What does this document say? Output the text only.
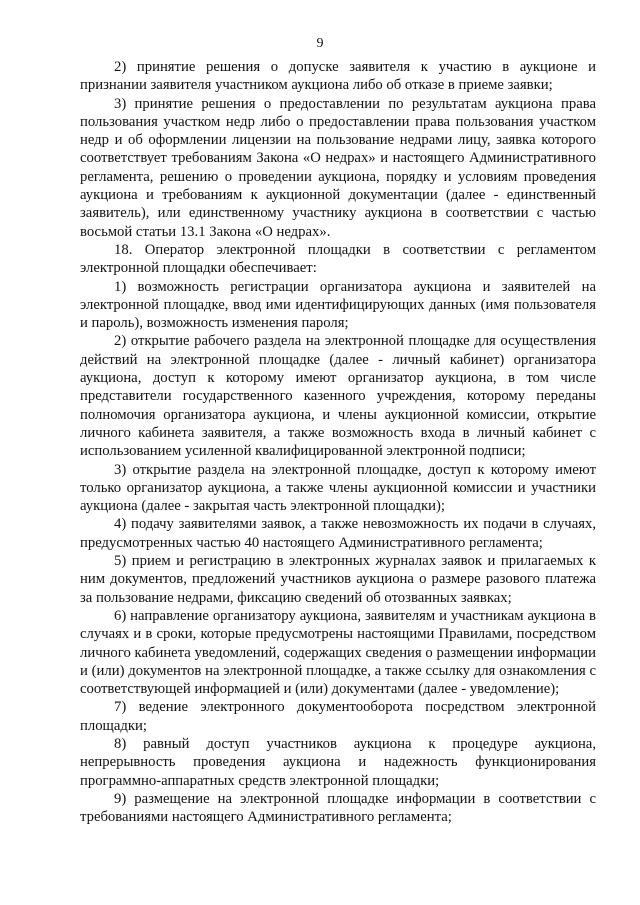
9

2) принятие решения о допуске заявителя к участию в аукционе и признании заявителя участником аукциона либо об отказе в приеме заявки;

3) принятие решения о предоставлении по результатам аукциона права пользования участком недр либо о предоставлении права пользования участком недр и об оформлении лицензии на пользование недрами лицу, заявка которого соответствует требованиям Закона «О недрах» и настоящего Административного регламента, решению о проведении аукциона, порядку и условиям проведения аукциона и требованиям к аукционной документации (далее - единственный заявитель), или единственному участнику аукциона в соответствии с частью восьмой статьи 13.1 Закона «О недрах».

18. Оператор электронной площадки в соответствии с регламентом электронной площадки обеспечивает:

1) возможность регистрации организатора аукциона и заявителей на электронной площадке, ввод ими идентифицирующих данных (имя пользователя и пароль), возможность изменения пароля;

2) открытие рабочего раздела на электронной площадке для осуществления действий на электронной площадке (далее - личный кабинет) организатора аукциона, доступ к которому имеют организатор аукциона, в том числе представители государственного казенного учреждения, которому переданы полномочия организатора аукциона, и члены аукционной комиссии, открытие личного кабинета заявителя, а также возможность входа в личный кабинет с использованием усиленной квалифицированной электронной подписи;

3) открытие раздела на электронной площадке, доступ к которому имеют только организатор аукциона, а также члены аукционной комиссии и участники аукциона (далее - закрытая часть электронной площадки);

4) подачу заявителями заявок, а также невозможность их подачи в случаях, предусмотренных частью 40 настоящего Административного регламента;

5) прием и регистрацию в электронных журналах заявок и прилагаемых к ним документов, предложений участников аукциона о размере разового платежа за пользование недрами, фиксацию сведений об отозванных заявках;

6) направление организатору аукциона, заявителям и участникам аукциона в случаях и в сроки, которые предусмотрены настоящими Правилами, посредством личного кабинета уведомлений, содержащих сведения о размещении информации и (или) документов на электронной площадке, а также ссылку для ознакомления с соответствующей информацией и (или) документами (далее - уведомление);

7) ведение электронного документооборота посредством электронной площадки;

8) равный доступ участников аукциона к процедуре аукциона, непрерывность проведения аукциона и надежность функционирования программно-аппаратных средств электронной площадки;

9) размещение на электронной площадке информации в соответствии с требованиями настоящего Административного регламента;
